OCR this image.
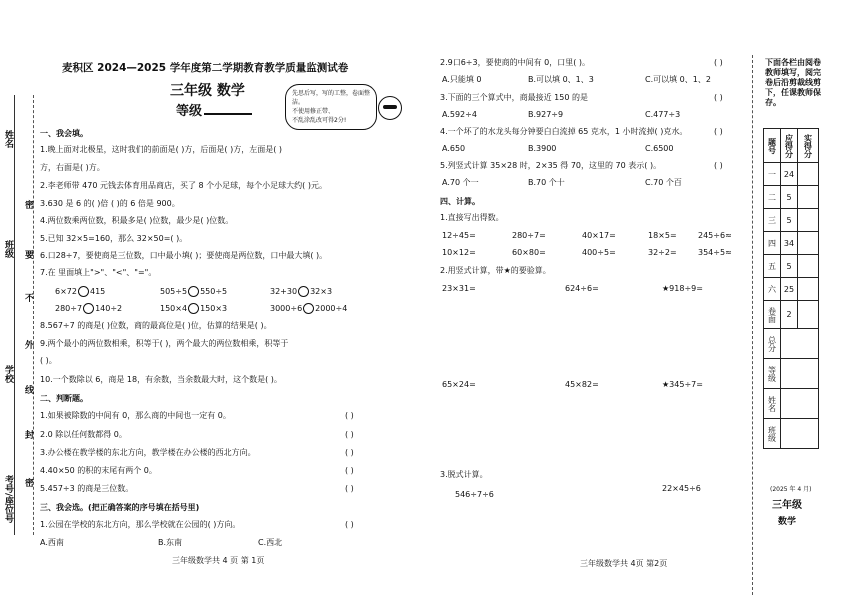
姓名
班级
学校
考号/座位号
密
要
不
外
线
封
密
麦积区 2024—2025 学年度第二学期教育教学质量监测试卷
三年级 数学
等级
先思后写，写的工整，卷面整洁。
不使用修正带、
不乱涂乱改可得2分!
一、我会填。
1.晚上面对北极星，这时我们的前面是( )方，后面是( )方，左面是( )
方，右面是( )方。
2.李老师带 470 元钱去体育用品商店，买了 8 个小足球，每个小足球大约( )元。
3.630 是 6 的( )倍 ( )的 6 倍是 900。
4.两位数乘两位数，积最多是( )位数，最少是( )位数。
5.已知 32×5=160，那么 32×50=( )。
6.口28÷7，要使商是三位数，口中最小填( )；要使商是两位数，口中最大填( )。
7.在 里面填上">"、"<"、"="。
6×72 415	505÷5 550÷5	32+30 32×3
280÷7 140÷2	150×4 150×3	3000÷6 2000÷4
8.567÷7 的商是( )位数，商的最高位是( )位，估算的结果是( )。
9.两个最小的两位数相乘，积等于( )，两个最大的两位数相乘，积等于
( )。
10.一个数除以 6，商是 18，有余数，当余数最大时，这个数是( )。
二、判断题。
1.如果被除数的中间有 0，那么商的中间也一定有 0。	( )
2.0 除以任何数都得 0。	( )
3.办公楼在教学楼的东北方向，教学楼在办公楼的西北方向。	( )
4.40×50 的积的末尾有两个 0。	( )
5.457÷3 的商是三位数。	( )
三、我会选。(把正确答案的序号填在括号里)
1.公园在学校的东北方向，那么学校就在公园的( )方向。	( )
A.西南	B.东南	C.西北
三年级数学共 4 页 第 1页
2.9口6÷3，要使商的中间有 0，口里( )。	( )
A.只能填 0	B.可以填 0、1、3	C.可以填 0、1、2
3.下面的三个算式中，商最接近 150 的是	( )
A.592÷4	B.927÷9	C.477÷3
4.一个坏了的水龙头每分钟要白白流掉 65 克水，1 小时流掉( )克水。	( )
A.650	B.3900	C.6500
5.列竖式计算 35×28 时，2×35 得 70，这里的 70 表示( )。	( )
A.70 个一	B.70 个十	C.70 个百
四、计算。
1.直接写出得数。
12÷45=	280÷7=	40×17=	18×5=	245÷6≈
10×12=	60×80=	400÷5=	32÷2=	354÷5≈
2.用竖式计算，带★的要验算。
23×31=	624÷6=	★918÷9=
65×24=	45×82=	★345÷7=
3.脱式计算。
546÷7÷6
22×45÷6
三年级数学共 4页 第2页
下面各栏由阅卷教师填写，阅完卷后沿剪裁线剪下，任课教师保存。
题号	应得分	实得分
一	24	
二	5	
三	5	
四	34	
五	5	
六	25	
卷面	2	
总分		
等级		
姓名		
班级		
(2025 年 4 月)
三年级
数学
